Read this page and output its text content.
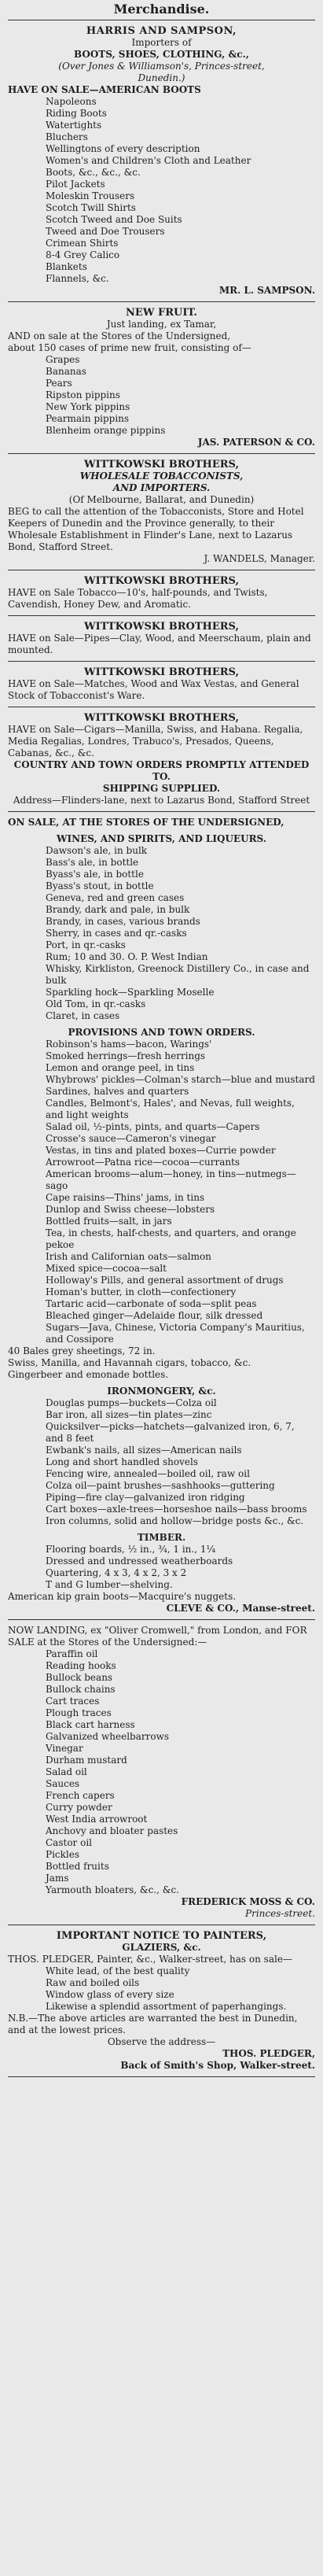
Merchandise.
HARRIS AND SAMPSON,
Importers of
BOOTS, SHOES, CLOTHING, &c.,
(Over Jones & Williamson's, Princes-street,
Dunedin.)
HAVE ON SALE—AMERICAN BOOTS
Napoleons
Riding Boots
Watertights
Bluchers
Wellingtons of every description
Women's and Children's Cloth and Leather
Boots, &c., &c., &c.
Pilot Jackets
Moleskin Trousers
Scotch Twill Shirts
Scotch Tweed and Doe Suits
Tweed and Doe Trousers
Crimean Shirts
8-4 Grey Calico
Blankets
Flannels, &c.
MR. L. SAMPSON.
NEW FRUIT.
Just landing, ex Tamar,
AND on sale at the Stores of the Undersigned,
about 150 cases of prime new fruit, consisting of—
Grapes
Bananas
Pears
Ripston pippins
New York pippins
Pearmain pippins
Blenheim orange pippins
JAS. PATERSON & CO.
WITTKOWSKI BROTHERS,
WHOLESALE TOBACCONISTS,
AND IMPORTERS.
(Of Melbourne, Ballarat, and Dunedin)
BEG to call the attention of the Tobacconists, Store and Hotel Keepers of Dunedin and the Province generally, to their Wholesale Establishment in Flinder's Lane, next to Lazarus Bond, Stafford Street.
J. WANDELS, Manager.
WITTKOWSKI BROTHERS,
HAVE on Sale Tobacco—10's, half-pounds, and Twists, Cavendish, Honey Dew, and Aromatic.
WITTKOWSKI BROTHERS,
HAVE on Sale—Pipes—Clay, Wood, and Meerschaum, plain and mounted.
WITTKOWSKI BROTHERS,
HAVE on Sale—Matches, Wood and Wax Vestas, and General Stock of Tobacconist's Ware.
WITTKOWSKI BROTHERS,
HAVE on Sale—Cigars—Manilla, Swiss, and Habana. Regalia, Media Regalias, Londres, Trabuco's, Presados, Queens, Cabanas, &c., &c.
COUNTRY AND TOWN ORDERS PROMPTLY ATTENDED TO.
SHIPPING SUPPLIED.
Address—Flinders-lane, next to Lazarus Bond, Stafford Street
ON SALE, AT THE STORES OF THE UNDERSIGNED,
WINES, AND SPIRITS, AND LIQUEURS.
Dawson's ale, in bulk
Bass's ale, in bottle
Byass's ale, in bottle
Byass's stout, in bottle
Geneva, red and green cases
Brandy, dark and pale, in bulk
Brandy, in cases, various brands
Sherry, in cases and qr.-casks
Port, in qr.-casks
Rum; 10 and 30. O. P. West Indian
Whisky, Kirkliston, Greenock Distillery Co., in case and bulk
Sparkling hock—Sparkling Moselle
Old Tom, in qr.-casks
Claret, in cases
PROVISIONS AND TOWN ORDERS.
Robinson's hams—bacon, Warings'
Smoked herrings—fresh herrings
Lemon and orange peel, in tins
Whybrows' pickles—Colman's starch—blue and mustard
Sardines, halves and quarters
Candles, Belmont's, Hales', and Nevas, full weights, and light weights
Salad oil, ½-pints, pints, and quarts—Capers
Crosse's sauce—Cameron's vinegar
Vestas, in tins and plated boxes—Currie powder
Arrowroot—Patna rice—cocoa—currants
American brooms—alum—honey, in tins—nutmegs—sago
Cape raisins—Thins' jams, in tins
Dunlop and Swiss cheese—lobsters
Bottled fruits—salt, in jars
Tea, in chests, half-chests, and quarters, and orange pekoe
Irish and Californian oats—salmon
Mixed spice—cocoa—salt
Holloway's Pills, and general assortment of drugs
Homan's butter, in cloth—confectionery
Tartaric acid—carbonate of soda—split peas
Bleached ginger—Adelaide flour, silk dressed
Sugars—Java, Chinese, Victoria Company's Mauritius, and Cossipore
40 Bales grey sheetings, 72 in.
Swiss, Manilla, and Havannah cigars, tobacco, &c.
Gingerbeer and emonade bottles.
IRONMONGERY, &c.
Douglas pumps—buckets—Colza oil
Bar iron, all sizes—tin plates—zinc
Quicksilver—picks—hatchets—galvanized iron, 6, 7, and 8 feet
Ewbank's nails, all sizes—American nails
Long and short handled shovels
Fencing wire, annealed—boiled oil, raw oil
Colza oil—paint brushes—sashhooks—guttering
Piping—fire clay—galvanized iron ridging
Cart boxes—axle-trees—horseshoe nails—bass brooms
Iron columns, solid and hollow—bridge posts &c., &c.
TIMBER.
Flooring boards, ½ in., ¾, 1 in., 1¼
Dressed and undressed weatherboards
Quartering, 4 x 3, 4 x 2, 3 x 2
T and G lumber—shelving.
American kip grain boots—Macquire's nuggets.
CLEVE & CO., Manse-street.
NOW LANDING, ex "Oliver Cromwell," from London, and FOR SALE at the Stores of the Undersigned:—
Paraffin oil
Reading hooks
Bullock beans
Bullock chains
Cart traces
Plough traces
Black cart harness
Galvanized wheelbarrows
Vinegar
Durham mustard
Salad oil
Sauces
French capers
Curry powder
West India arrowroot
Anchovy and bloater pastes
Castor oil
Pickles
Bottled fruits
Jams
Yarmouth bloaters, &c., &c.
FREDERICK MOSS & CO.
Princes-street.
IMPORTANT NOTICE TO PAINTERS,
GLAZIERS, &c.
THOS. PLEDGER, Painter, &c., Walker-street, has on sale—
White lead, of the best quality
Raw and boiled oils
Window glass of every size
Likewise a splendid assortment of paperhangings.
N.B.—The above articles are warranted the best in Dunedin, and at the lowest prices.
Observe the address—
THOS. PLEDGER,
Back of Smith's Shop, Walker-street.
